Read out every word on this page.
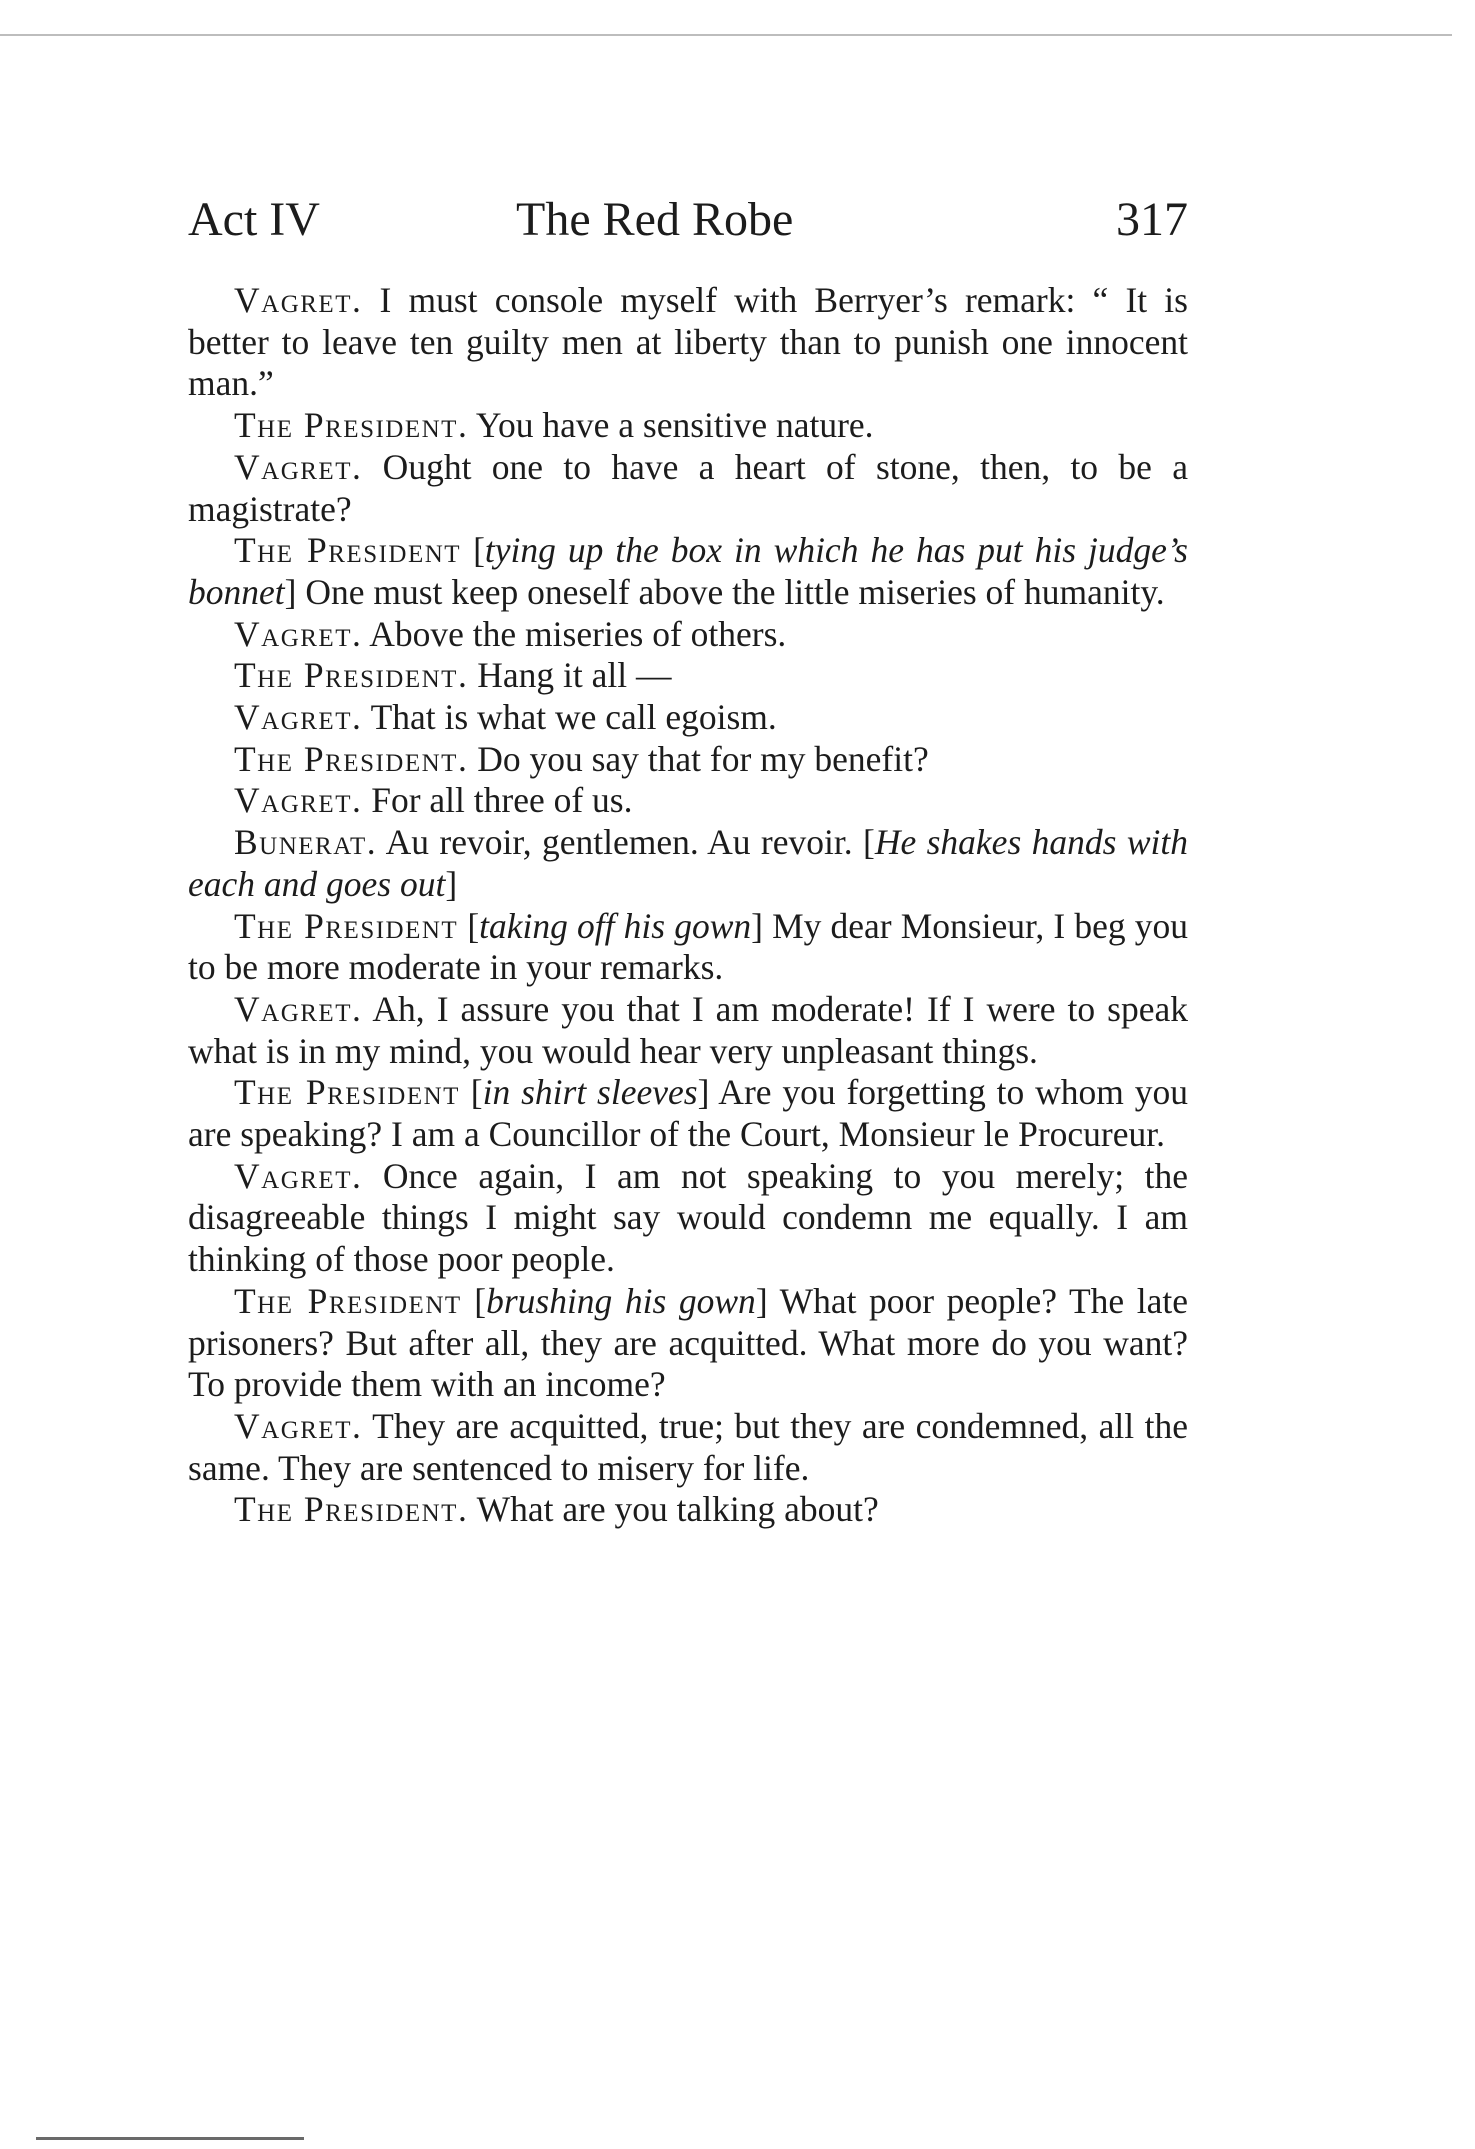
Act IV	The Red Robe	317

Vagret. I must console myself with Berryer’s remark: “ It is better to leave ten guilty men at liberty than to punish one innocent man.”

The President. You have a sensitive nature.

Vagret. Ought one to have a heart of stone, then, to be a magistrate?

The President [tying up the box in which he has put his judge’s bonnet] One must keep oneself above the little miseries of humanity.

Vagret. Above the miseries of others.

The President. Hang it all —

Vagret. That is what we call egoism.

The President. Do you say that for my benefit?

Vagret. For all three of us.

Bunerat. Au revoir, gentlemen. Au revoir. [He shakes hands with each and goes out]

The President [taking off his gown] My dear Monsieur, I beg you to be more moderate in your remarks.

Vagret. Ah, I assure you that I am moderate! If I were to speak what is in my mind, you would hear very unpleasant things.

The President [in shirt sleeves] Are you forgetting to whom you are speaking? I am a Councillor of the Court, Monsieur le Procureur.

Vagret. Once again, I am not speaking to you merely; the disagreeable things I might say would condemn me equally. I am thinking of those poor people.

The President [brushing his gown] What poor people? The late prisoners? But after all, they are acquitted. What more do you want? To provide them with an income?

Vagret. They are acquitted, true; but they are condemned, all the same. They are sentenced to misery for life.

The President. What are you talking about?
